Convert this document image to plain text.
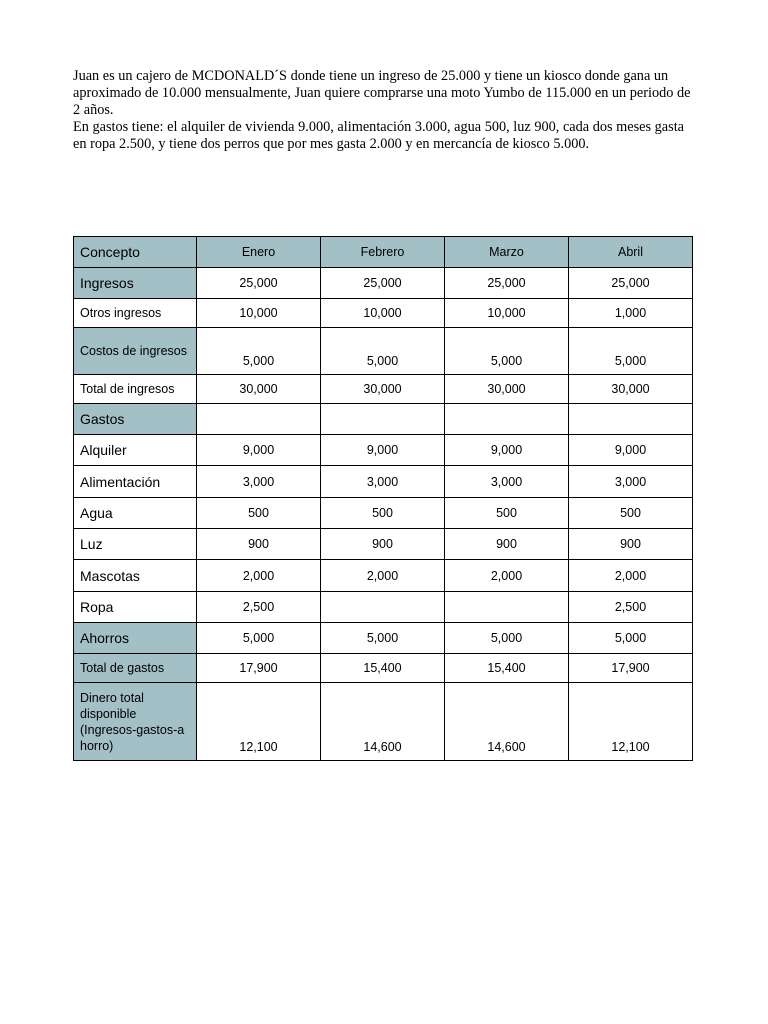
Juan es un cajero de MCDONALD´S donde tiene un ingreso de 25.000 y tiene un kiosco donde gana un aproximado de 10.000 mensualmente, Juan quiere comprarse una moto Yumbo de 115.000 en un periodo de 2 años.

En gastos tiene: el alquiler de vivienda 9.000, alimentación 3.000, agua 500, luz 900, cada dos meses gasta en ropa 2.500, y tiene dos perros que por mes gasta 2.000 y en mercancía de kiosco 5.000.

Concepto	Enero	Febrero	Marzo	Abril
Ingresos	25,000	25,000	25,000	25,000
Otros ingresos	10,000	10,000	10,000	1,000
Costos de ingresos	5,000	5,000	5,000	5,000
Total de ingresos	30,000	30,000	30,000	30,000
Gastos				
Alquiler	9,000	9,000	9,000	9,000
Alimentación	3,000	3,000	3,000	3,000
Agua	500	500	500	500
Luz	900	900	900	900
Mascotas	2,000	2,000	2,000	2,000
Ropa	2,500			2,500
Ahorros	5,000	5,000	5,000	5,000
Total de gastos	17,900	15,400	15,400	17,900
Dinero total disponible (Ingresos-gastos-a horro)	12,100	14,600	14,600	12,100
